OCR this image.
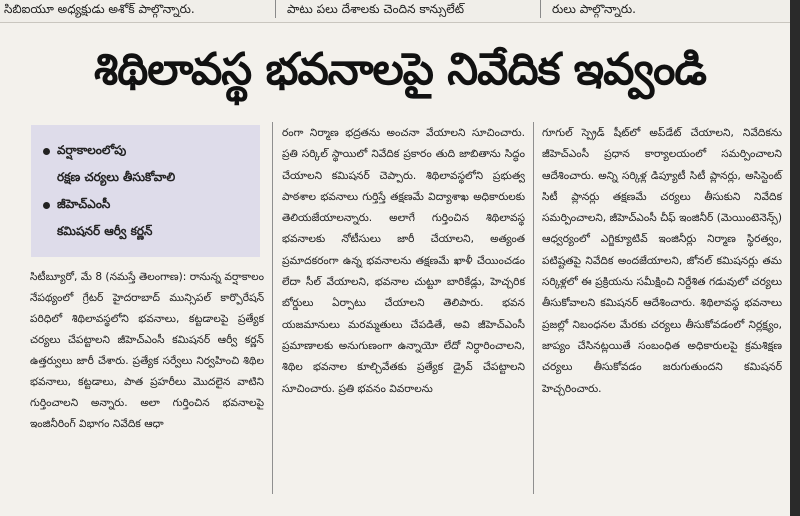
సిబిఐయూ అధ్యక్షుడు అశోక్ పాల్గొన్నారు.	పాటు పలు దేశాలకు చెందిన కాన్సులేట్	రులు పాల్గొన్నారు.
శిథిలావస్థ భవనాలపై నివేదిక ఇవ్వండి
వర్షాకాలంలోపు
రక్షణ చర్యలు తీసుకోవాలి
జీహెచ్ఎంసీ
కమిషనర్ ఆర్వీ కర్ణన్

సిటీబ్యూరో, మే 8 (నమస్తే తెలంగాణ): రానున్న వర్షాకాలం నేపథ్యంలో గ్రేటర్ హైదరాబాద్ మున్సిపల్ కార్పొరేషన్ పరిధిలో శిథిలావస్థలోని భవనాలు, కట్టడాలపై ప్రత్యేక చర్యలు చేపట్టాలని జీహెచ్ఎంసీ కమిషనర్ ఆర్వీ కర్ణన్ ఉత్తర్వులు జారీ చేశారు. ప్రత్యేక సర్వేలు నిర్వహించి శిథిల భవనాలు, కట్టడాలు, పాత ప్రహరీలు మొదలైన వాటిని గుర్తించాలని అన్నారు. అలా గుర్తించిన భవనాలపై ఇంజినీరింగ్ విభాగం నివేదిక ఆధా

రంగా నిర్మాణ భద్రతను అంచనా వేయాలని సూచించారు. ప్రతి సర్కిల్ స్థాయిలో నివేదిక ప్రకారం తుది జాబితాను సిద్ధం చేయాలని కమిషనర్ చెప్పారు. శిథిలావస్థలోని ప్రభుత్వ పాఠశాల భవనాలు గుర్తిస్తే తక్షణమే విద్యాశాఖ అధికారులకు తెలియజేయాలన్నారు. అలాగే గుర్తించిన శిథిలావస్థ భవనాలకు నోటీసులు జారీ చేయాలని, అత్యంత ప్రమాదకరంగా ఉన్న భవనాలను తక్షణమే ఖాళీ చేయించడం లేదా సీల్ వేయాలని, భవనాల చుట్టూ బారికేడ్లు, హెచ్చరిక బోర్డులు ఏర్పాటు చేయాలని తెలిపారు. భవన యజమానులు మరమ్మతులు చేపడితే, అవి జీహెచ్ఎంసీ ప్రమాణాలకు అనుగుణంగా ఉన్నాయో లేదో నిర్ధారించాలని, శిథిల భవనాల కూల్చివేతకు ప్రత్యేక డ్రైవ్ చేపట్టాలని సూచించారు. ప్రతి భవనం వివరాలను

గూగుల్ స్ప్రెడ్ షీట్‌లో అప్‌డేట్ చేయాలని, నివేదికను జీహెచ్ఎంసీ ప్రధాన కార్యాలయంలో సమర్పించాలని ఆదేశించారు. అన్ని సర్కిళ్ల డిప్యూటీ సిటీ ప్లానర్లు, అసిస్టెంట్ సిటీ ప్లానర్లు తక్షణమే చర్యలు తీసుకుని నివేదిక సమర్పించాలని, జీహెచ్ఎంసీ చీఫ్ ఇంజినీర్ (మెయింటెనెన్స్) ఆధ్వర్యంలో ఎగ్జిక్యూటివ్ ఇంజినీర్లు నిర్మాణ స్థిరత్వం, పటిష్టతపై నివేదిక అందజేయాలని, జోనల్ కమిషనర్లు తమ సర్కిళ్లలో ఈ ప్రక్రియను సమీక్షించి నిర్దేశిత గడువులో చర్యలు తీసుకోవాలని కమిషనర్ ఆదేశించారు. శిథిలావస్థ భవనాలు ప్రజల్లో నిబంధనల మేరకు చర్యలు తీసుకోవడంలో నిర్లక్ష్యం, జాప్యం చేసినట్లయితే సంబంధిత అధికారులపై క్రమశిక్షణ చర్యలు తీసుకోవడం జరుగుతుందని కమిషనర్ హెచ్చరించారు.
